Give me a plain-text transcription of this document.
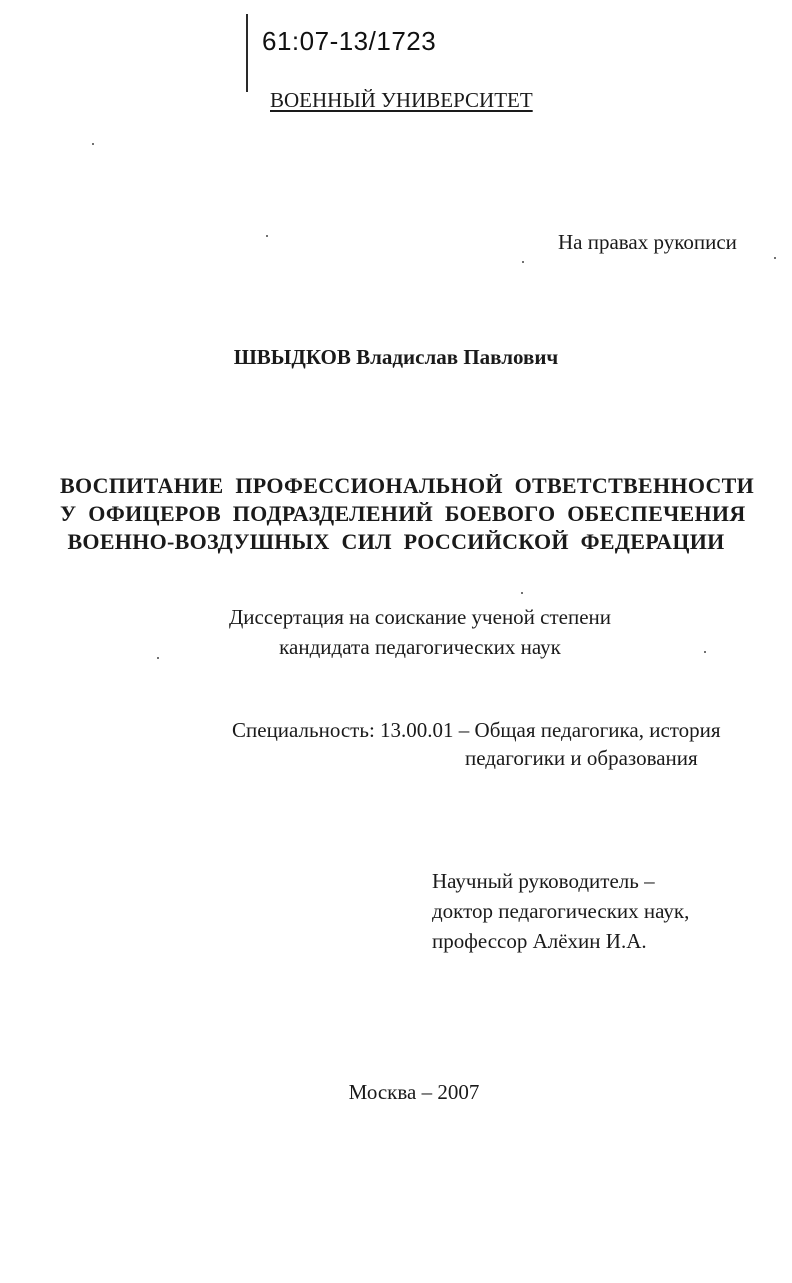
61:07-13/1723
ВОЕННЫЙ УНИВЕРСИТЕТ
На правах рукописи
ШВЫДКОВ Владислав Павлович
ВОСПИТАНИЕ ПРОФЕССИОНАЛЬНОЙ ОТВЕТСТВЕННОСТИ
У ОФИЦЕРОВ ПОДРАЗДЕЛЕНИЙ БОЕВОГО ОБЕСПЕЧЕНИЯ
ВОЕННО-ВОЗДУШНЫХ СИЛ РОССИЙСКОЙ ФЕДЕРАЦИИ
Диссертация на соискание ученой степени
кандидата педагогических наук
Специальность: 13.00.01 – Общая педагогика, история
педагогики и образования
Научный руководитель –
доктор педагогических наук,
профессор Алёхин И.А.
Москва – 2007
